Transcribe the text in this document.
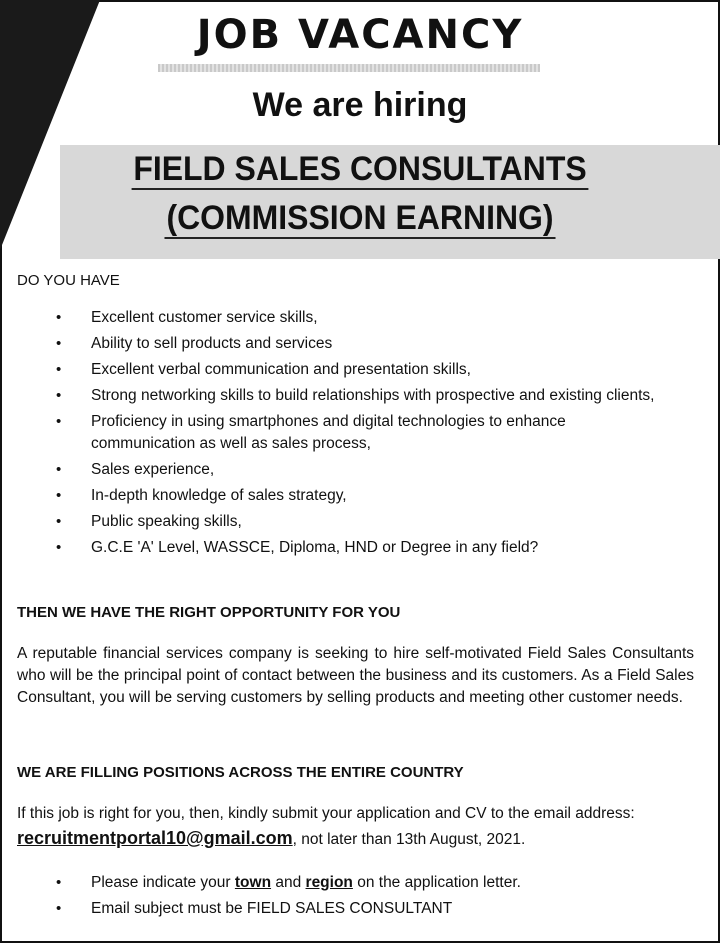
JOB VACANCY
We are hiring
FIELD SALES CONSULTANTS
(COMMISSION EARNING)
DO YOU HAVE
• Excellent customer service skills,
• Ability to sell products and services
• Excellent verbal communication and presentation skills,
• Strong networking skills to build relationships with prospective and existing clients,
• Proficiency in using smartphones and digital technologies to enhance communication as well as sales process,
• Sales experience,
• In-depth knowledge of sales strategy,
• Public speaking skills,
• G.C.E 'A' Level, WASSCE, Diploma, HND or Degree in any field?
THEN WE HAVE THE RIGHT OPPORTUNITY FOR YOU
A reputable financial services company is seeking to hire self-motivated Field Sales Consultants who will be the principal point of contact between the business and its customers. As a Field Sales Consultant, you will be serving customers by selling products and meeting other customer needs.
WE ARE FILLING POSITIONS ACROSS THE ENTIRE COUNTRY
If this job is right for you, then, kindly submit your application and CV to the email address:
recruitmentportal10@gmail.com, not later than 13th August, 2021.
• Please indicate your town and region on the application letter.
• Email subject must be FIELD SALES CONSULTANT
